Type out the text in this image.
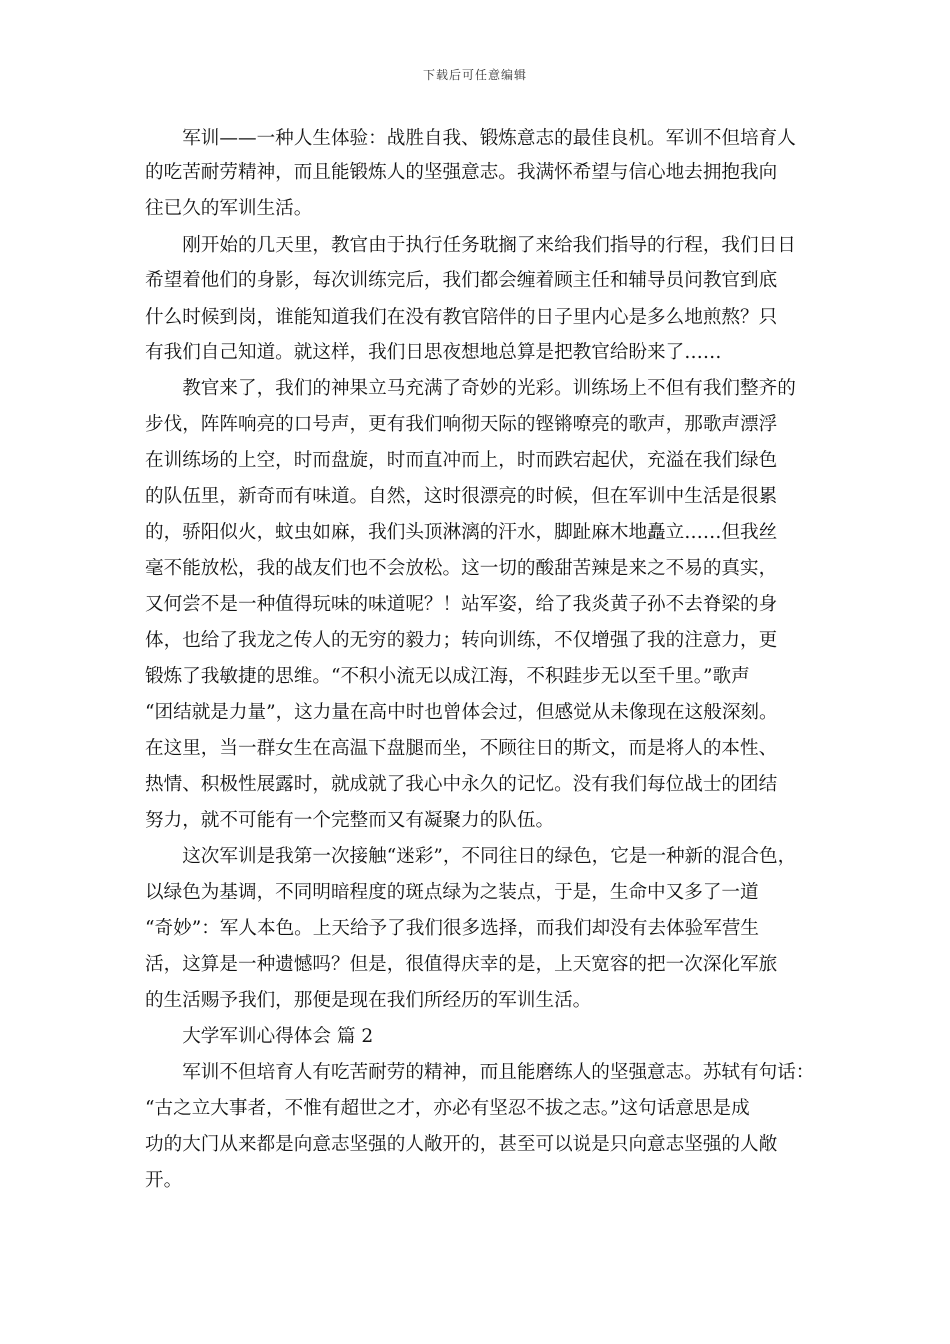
下载后可任意编辑
　　军训——一种人生体验：战胜自我、锻炼意志的最佳良机。军训不但培育人
的吃苦耐劳精神，而且能锻炼人的坚强意志。我满怀希望与信心地去拥抱我向
往已久的军训生活。
　　刚开始的几天里，教官由于执行任务耽搁了来给我们指导的行程，我们日日
希望着他们的身影，每次训练完后，我们都会缠着顾主任和辅导员问教官到底
什么时候到岗，谁能知道我们在没有教官陪伴的日子里内心是多么地煎熬？只
有我们自己知道。就这样，我们日思夜想地总算是把教官给盼来了……
　　教官来了，我们的神果立马充满了奇妙的光彩。训练场上不但有我们整齐的
步伐，阵阵响亮的口号声，更有我们响彻天际的铿锵嘹亮的歌声，那歌声漂浮
在训练场的上空，时而盘旋，时而直冲而上，时而跌宕起伏，充溢在我们绿色
的队伍里，新奇而有味道。自然，这时很漂亮的时候，但在军训中生活是很累
的，骄阳似火，蚊虫如麻，我们头顶淋漓的汗水，脚趾麻木地矗立……但我丝
毫不能放松，我的战友们也不会放松。这一切的酸甜苦辣是来之不易的真实，
又何尝不是一种值得玩味的味道呢？！站军姿，给了我炎黄子孙不去脊梁的身
体，也给了我龙之传人的无穷的毅力；转向训练，不仅增强了我的注意力，更
锻炼了我敏捷的思维。“不积小流无以成江海，不积跬步无以至千里。”歌声
“团结就是力量”，这力量在高中时也曾体会过，但感觉从未像现在这般深刻。
在这里，当一群女生在高温下盘腿而坐，不顾往日的斯文，而是将人的本性、
热情、积极性展露时，就成就了我心中永久的记忆。没有我们每位战士的团结
努力，就不可能有一个完整而又有凝聚力的队伍。
　　这次军训是我第一次接触“迷彩”，不同往日的绿色，它是一种新的混合色，
以绿色为基调，不同明暗程度的斑点绿为之装点，于是，生命中又多了一道
“奇妙”：军人本色。上天给予了我们很多选择，而我们却没有去体验军营生
活，这算是一种遗憾吗？但是，很值得庆幸的是，上天宽容的把一次深化军旅
的生活赐予我们，那便是现在我们所经历的军训生活。
　　大学军训心得体会 篇 2
　　军训不但培育人有吃苦耐劳的精神，而且能磨练人的坚强意志。苏轼有句话：
“古之立大事者，不惟有超世之才，亦必有坚忍不拔之志。”这句话意思是成
功的大门从来都是向意志坚强的人敞开的，甚至可以说是只向意志坚强的人敞
开。
